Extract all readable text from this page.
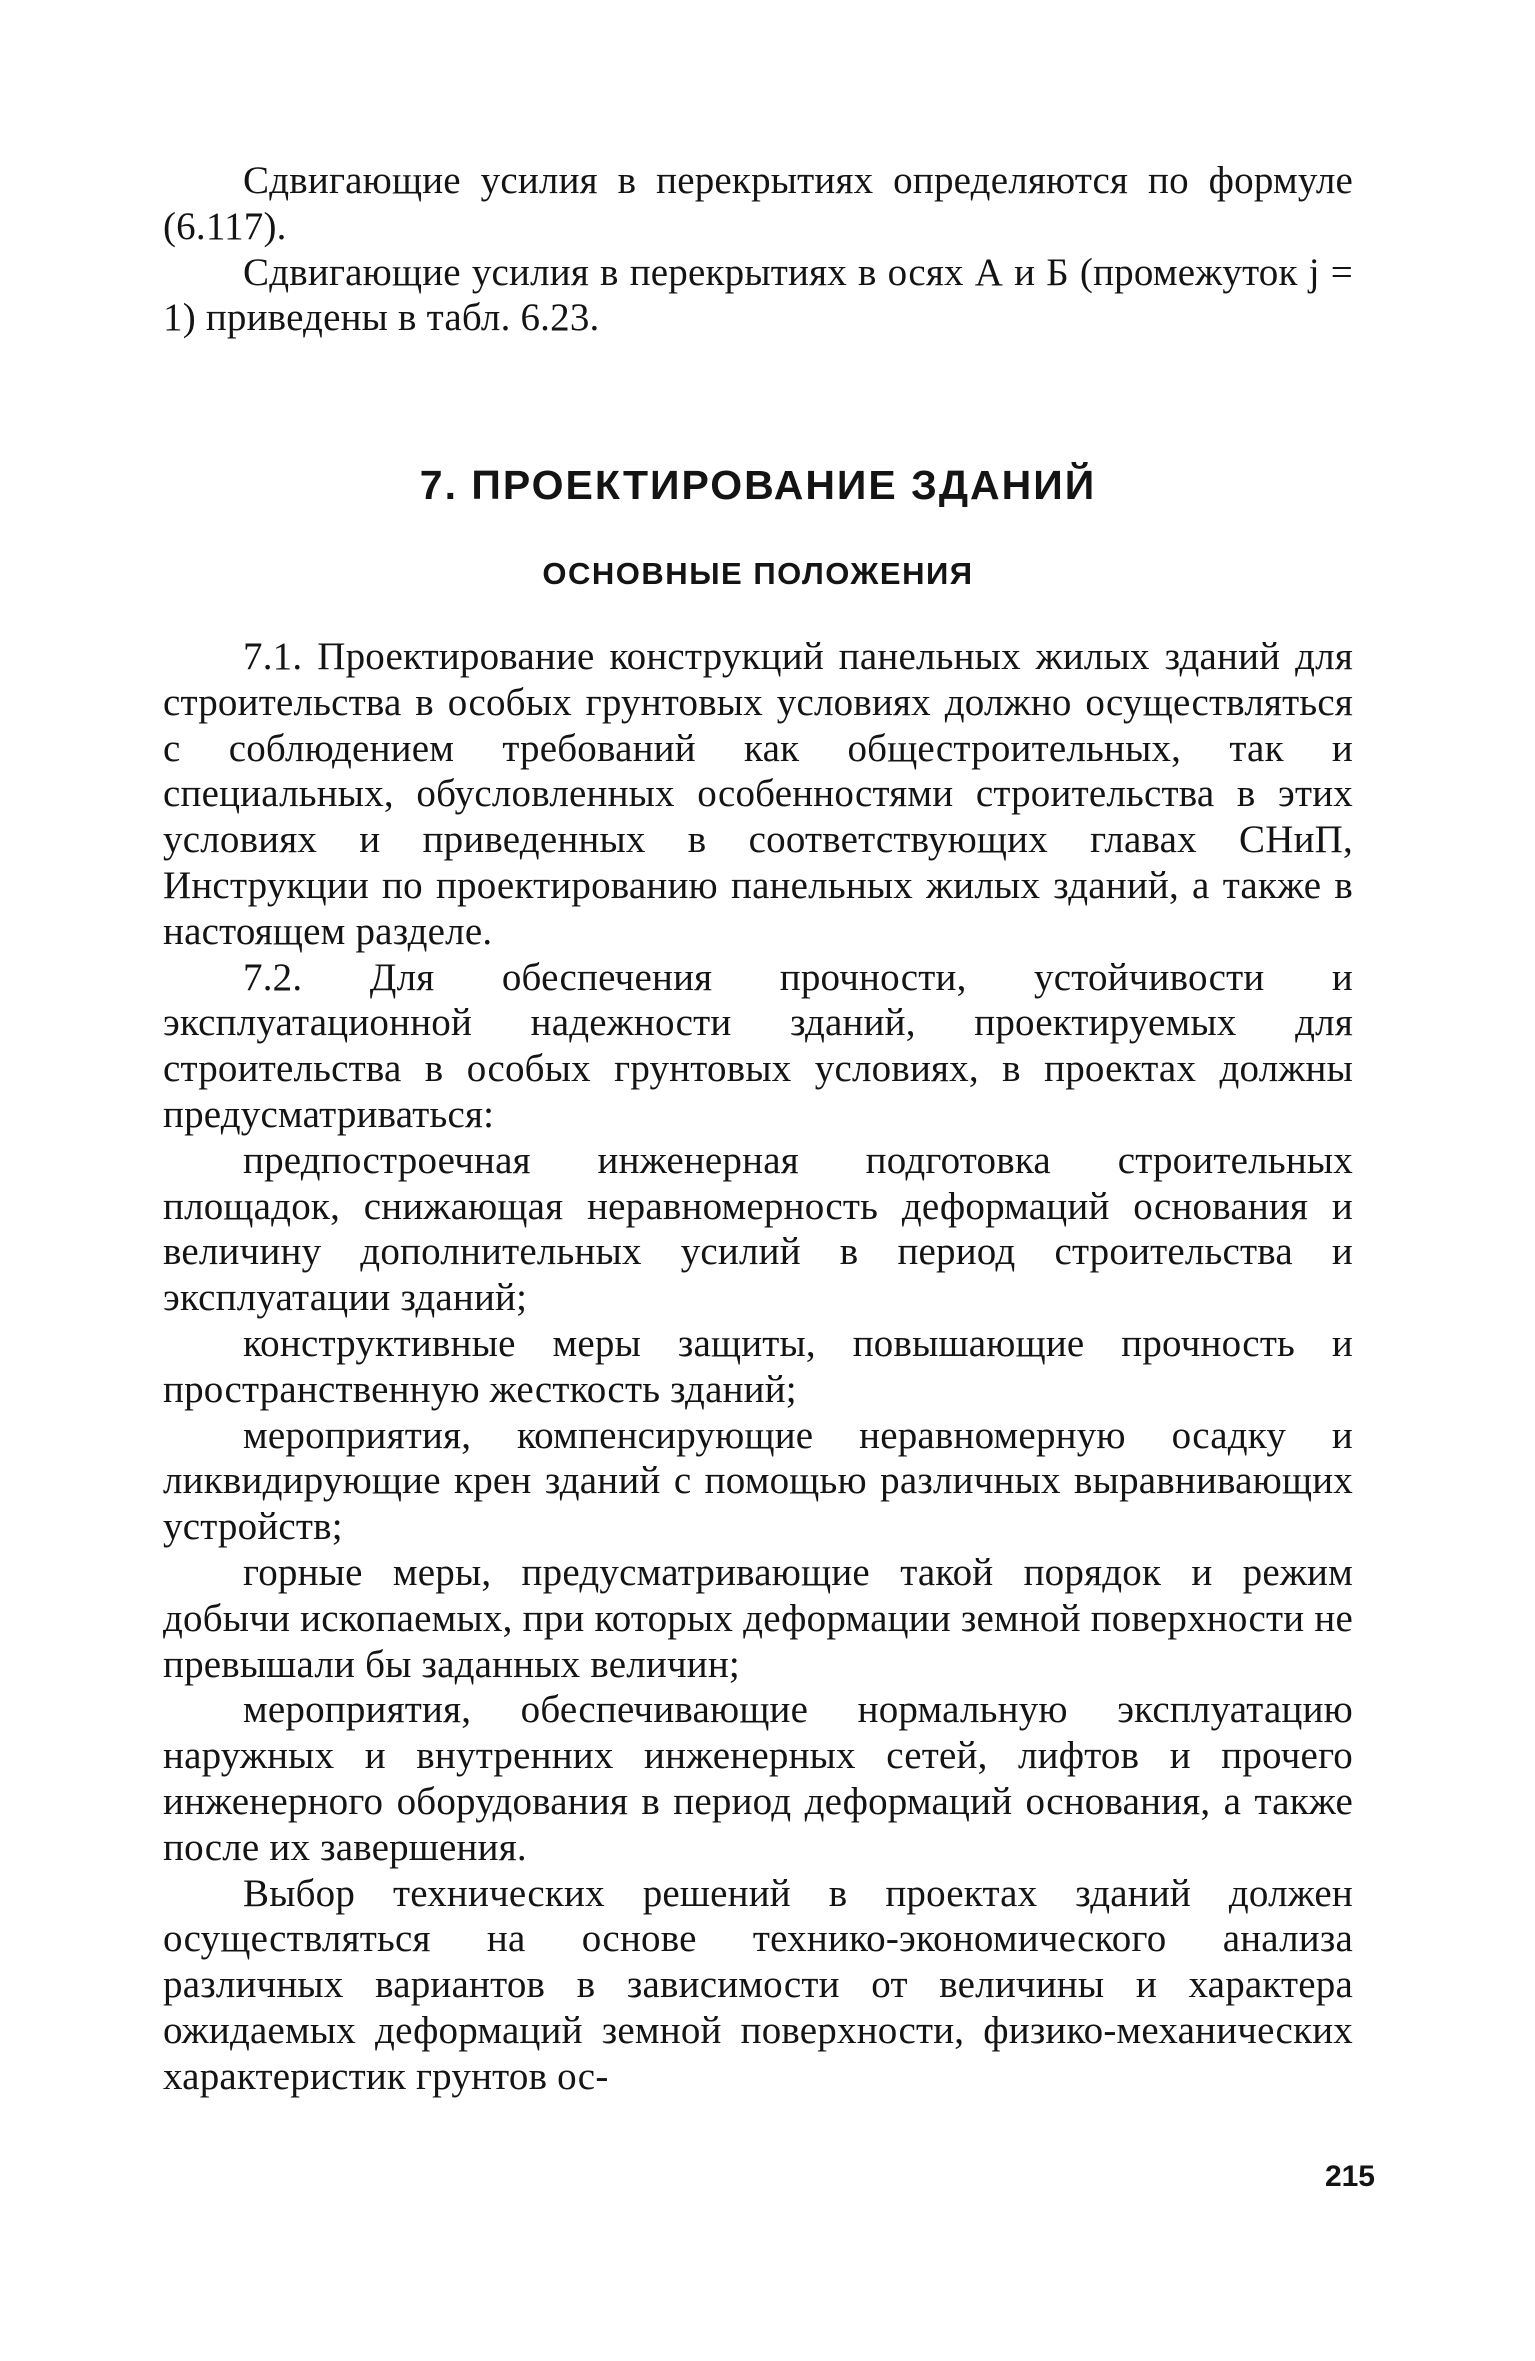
Сдвигающие усилия в перекрытиях определяются по формуле (6.117).

Сдвигающие усилия в перекрытиях в осях А и Б (промежуток j = 1) приведены в табл. 6.23.

7. ПРОЕКТИРОВАНИЕ ЗДАНИЙ
ОСНОВНЫЕ ПОЛОЖЕНИЯ

7.1. Проектирование конструкций панельных жилых зданий для строительства в особых грунтовых условиях должно осуществляться с соблюдением требований как общестроительных, так и специальных, обусловленных особенностями строительства в этих условиях и приведенных в соответствующих главах СНиП, Инструкции по проектированию панельных жилых зданий, а также в настоящем разделе.

7.2. Для обеспечения прочности, устойчивости и эксплуатационной надежности зданий, проектируемых для строительства в особых грунтовых условиях, в проектах должны предусматриваться:

предпостроечная инженерная подготовка строительных площадок, снижающая неравномерность деформаций основания и величину дополнительных усилий в период строительства и эксплуатации зданий;

конструктивные меры защиты, повышающие прочность и пространственную жесткость зданий;

мероприятия, компенсирующие неравномерную осадку и ликвидирующие крен зданий с помощью различных выравнивающих устройств;

горные меры, предусматривающие такой порядок и режим добычи ископаемых, при которых деформации земной поверхности не превышали бы заданных величин;

мероприятия, обеспечивающие нормальную эксплуатацию наружных и внутренних инженерных сетей, лифтов и прочего инженерного оборудования в период деформаций основания, а также после их завершения.

Выбор технических решений в проектах зданий должен осуществляться на основе технико-экономического анализа различных вариантов в зависимости от величины и характера ожидаемых деформаций земной поверхности, физико-механических характеристик грунтов ос-

215
